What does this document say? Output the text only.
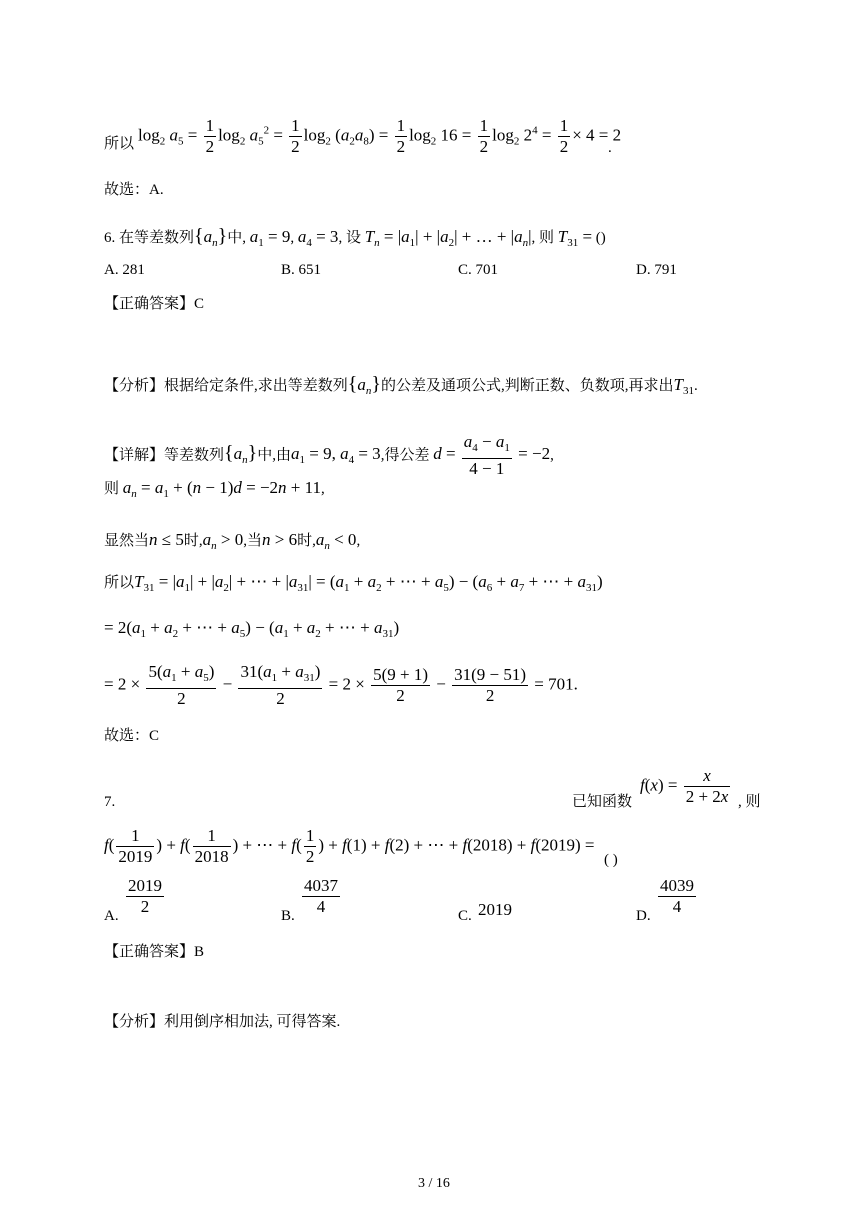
所以 $\log_2 a_5 = \frac{1}{2} \log_2 a_5^2 = \frac{1}{2} \log_2 (a_2a_8) = \frac{1}{2} \log_2 16 = \frac{1}{2} \log_2 2^4 = \frac{1}{2} \times 4 = 2$
.
故选：A.
6. 在等差数列$\{a_n\}$中, $a_1 = 9$, $a_4 = 3$, 设 $T_n = |a_1| + |a_2|$ + … + $|a_n|$, 则 $T_{31}$ = ()
A. 281	B. 651	C. 701	D. 791
【正确答案】C
【分析】根据给定条件,求出等差数列$\{a_n\}$的公差及通项公式,判断正数、负数项,再求出$T_{31}$.
【详解】等差数列$\{a_n\}$中,由$a_1 = 9$, $a_4 = 3$,得公差 $d = \frac{a_4 - a_1}{4 - 1} = -2$,
则 $a_n = a_1 + (n - 1)d = -2n + 11$,
显然当n ≤ 5时$,a_n > 0$,当n > 6时$,a_n < 0$,
所以$T_{31} = |a_1| + |a_2|$ + ⋯ + $|a_{31}| = (a_1 + a_2$ + ⋯ + $a_5) - (a_6 + a_7$ + ⋯ + $a_{31}$)
= $2(a_1 + a_2$ + ⋯ + $a_5) - (a_1 + a_2$ + ⋯ + $a_{31}$)
= $2 \times \frac{5(a_1 + a_5)}{2} - \frac{31(a_1 + a_{31})}{2} = 2 \times \frac{5(9 + 1)}{2} - \frac{31(9 - 51)}{2} = 701$.
故选：C
7.	已知函数
$f(x) = \frac{x}{2 + 2x}$ , 则
$f( \frac{1}{2019}$ ) + $f( \frac{1}{2018}$ ) + ⋯ + $f( \frac{1}{2}$ ) + f(1) + f(2) + ⋯ + f(2018) + f(2019) =
( )
A. $\frac{2019}{2}$	B. $\frac{4037}{4}$	C. 2019	D. $\frac{4039}{4}$
【正确答案】B
【分析】利用倒序相加法, 可得答案.
3 / 16
